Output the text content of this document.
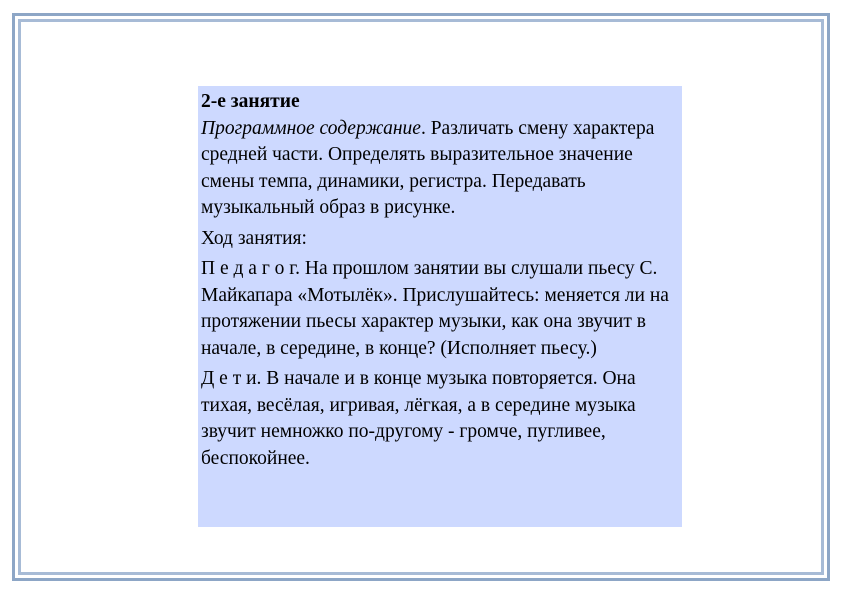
2-е занятие

Программное содержание. Различать смену характера средней части. Определять выразительное значение смены темпа, динамики, регистра. Передавать музыкальный образ в рисунке.

Ход занятия:

П е д а г о г. На прошлом занятии вы слушали пьесу С. Майкапара «Мотылёк». Прислушайтесь: меняется ли на протяжении пьесы характер музыки, как она звучит в начале, в середине, в конце? (Исполняет пьесу.)

Д е т и. В начале и в конце музыка повторяется. Она тихая, весёлая, игривая, лёгкая, а в середине музыка звучит немножко по-другому - громче, пугливее, беспокойнее.
